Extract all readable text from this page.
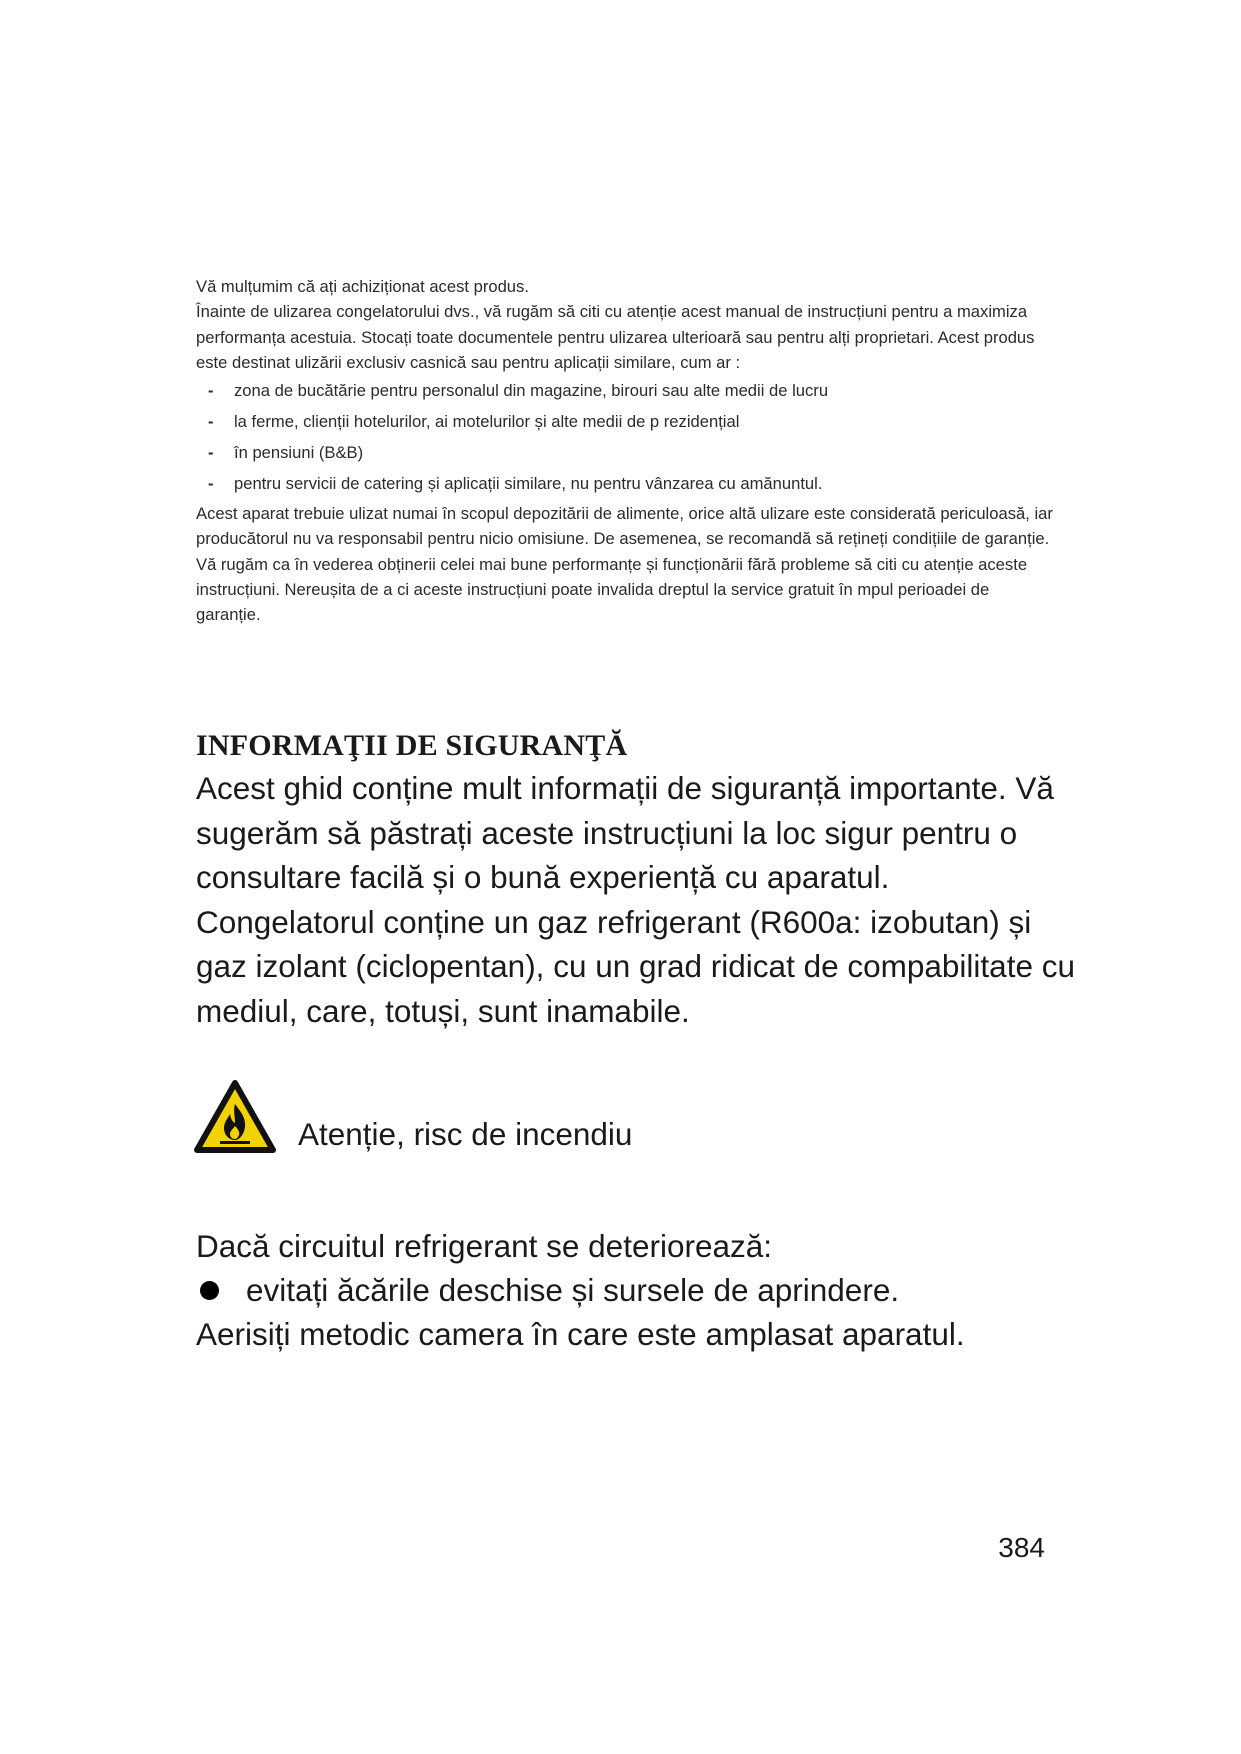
Vă mulțumim că ați achiziționat acest produs.

Înainte de ulizarea congelatorului dvs., vă rugăm să citi cu atenție acest manual de instrucțiuni pentru a maximiza performanța acestuia. Stocați toate documentele pentru ulizarea ulterioară sau pentru alți proprietari. Acest produs este destinat ulizării exclusiv casnică sau pentru aplicații similare, cum ar :

- zona de bucătărie pentru personalul din magazine, birouri sau alte medii de lucru
- la ferme, clienții hotelurilor, ai motelurilor și alte medii de p rezidențial
- în pensiuni (B&B)
- pentru servicii de catering și aplicații similare, nu pentru vânzarea cu amănuntul.

Acest aparat trebuie ulizat numai în scopul depozitării de alimente, orice altă ulizare este considerată periculoasă, iar producătorul nu va responsabil pentru nicio omisiune. De asemenea, se recomandă să rețineți condițiile de garanție. Vă rugăm ca în vederea obținerii celei mai bune performanțe și funcționării fără probleme să citi cu atenție aceste instrucțiuni. Nereușita de a ci aceste instrucțiuni poate invalida dreptul la service gratuit în mpul perioadei de garanție.

INFORMAŢII DE SIGURANŢĂ

Acest ghid conține mult informații de siguranță importante. Vă sugerăm să păstrați aceste instrucțiuni la loc sigur pentru o consultare facilă și o bună experiență cu aparatul.

Congelatorul conține un gaz refrigerant (R600a: izobutan) și gaz izolant (ciclopentan), cu un grad ridicat de compabilitate cu mediul, care, totuși, sunt inamabile.

Atenție, risc de incendiu

Dacă circuitul refrigerant se deteriorează:

evitați ăcările deschise și sursele de aprindere.

Aerisiți metodic camera în care este amplasat aparatul.

384
